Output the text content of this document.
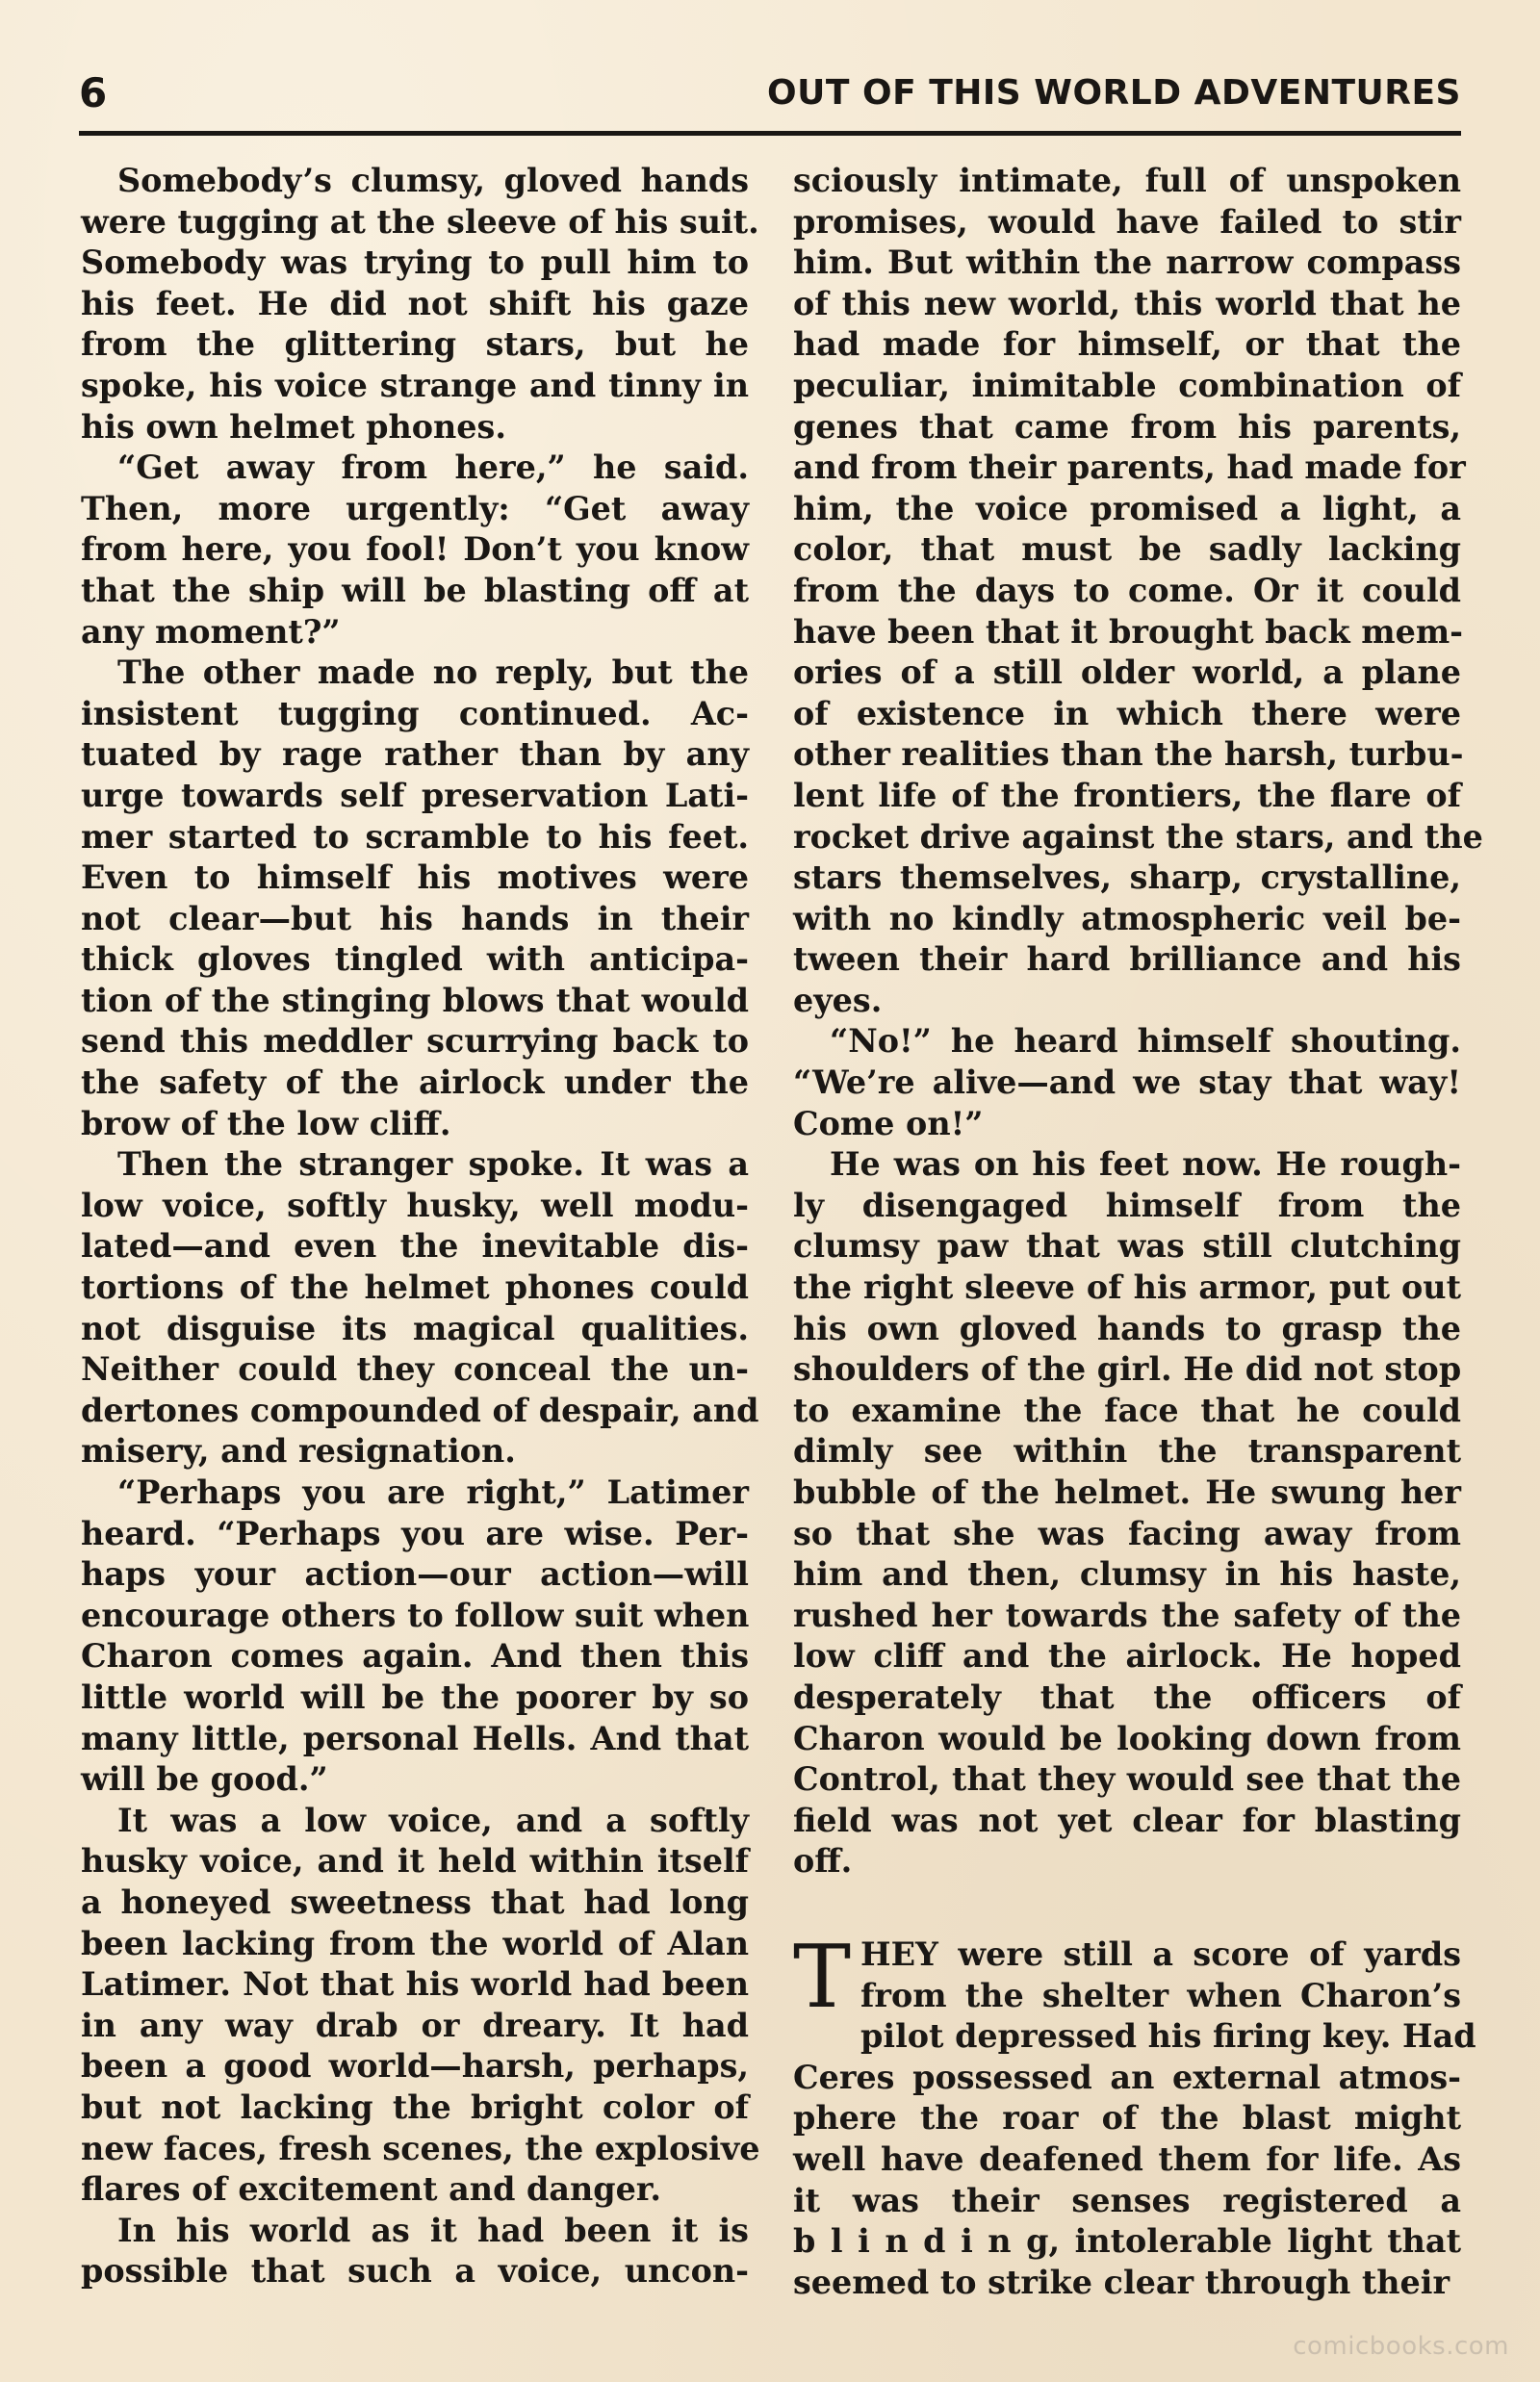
6	OUT OF THIS WORLD ADVENTURES
Somebody’s clumsy, gloved hands
were tugging at the sleeve of his suit.
Somebody was trying to pull him to
his feet. He did not shift his gaze
from the glittering stars, but he
spoke, his voice strange and tinny in
his own helmet phones.
“Get away from here,” he said.
Then, more urgently: “Get away
from here, you fool! Don’t you know
that the ship will be blasting off at
any moment?”
The other made no reply, but the
insistent tugging continued. Ac-
tuated by rage rather than by any
urge towards self preservation Lati-
mer started to scramble to his feet.
Even to himself his motives were
not clear—but his hands in their
thick gloves tingled with anticipa-
tion of the stinging blows that would
send this meddler scurrying back to
the safety of the airlock under the
brow of the low cliff.
Then the stranger spoke. It was a
low voice, softly husky, well modu-
lated—and even the inevitable dis-
tortions of the helmet phones could
not disguise its magical qualities.
Neither could they conceal the un-
dertones compounded of despair, and
misery, and resignation.
“Perhaps you are right,” Latimer
heard. “Perhaps you are wise. Per-
haps your action—our action—will
encourage others to follow suit when
Charon comes again. And then this
little world will be the poorer by so
many little, personal Hells. And that
will be good.”
It was a low voice, and a softly
husky voice, and it held within itself
a honeyed sweetness that had long
been lacking from the world of Alan
Latimer. Not that his world had been
in any way drab or dreary. It had
been a good world—harsh, perhaps,
but not lacking the bright color of
new faces, fresh scenes, the explosive
flares of excitement and danger.
In his world as it had been it is
possible that such a voice, uncon-
sciously intimate, full of unspoken
promises, would have failed to stir
him. But within the narrow compass
of this new world, this world that he
had made for himself, or that the
peculiar, inimitable combination of
genes that came from his parents,
and from their parents, had made for
him, the voice promised a light, a
color, that must be sadly lacking
from the days to come. Or it could
have been that it brought back mem-
ories of a still older world, a plane
of existence in which there were
other realities than the harsh, turbu-
lent life of the frontiers, the flare of
rocket drive against the stars, and the
stars themselves, sharp, crystalline,
with no kindly atmospheric veil be-
tween their hard brilliance and his
eyes.
“No!” he heard himself shouting.
“We’re alive—and we stay that way!
Come on!”
He was on his feet now. He rough-
ly disengaged himself from the
clumsy paw that was still clutching
the right sleeve of his armor, put out
his own gloved hands to grasp the
shoulders of the girl. He did not stop
to examine the face that he could
dimly see within the transparent
bubble of the helmet. He swung her
so that she was facing away from
him and then, clumsy in his haste,
rushed her towards the safety of the
low cliff and the airlock. He hoped
desperately that the officers of
Charon would be looking down from
Control, that they would see that the
field was not yet clear for blasting
off.
T HEY were still a score of yards
from the shelter when Charon’s
pilot depressed his firing key. Had
Ceres possessed an external atmos-
phere the roar of the blast might
well have deafened them for life. As
it was their senses registered a
b l i n d i n g, intolerable light that
seemed to strike clear through their
comicbooks.com
